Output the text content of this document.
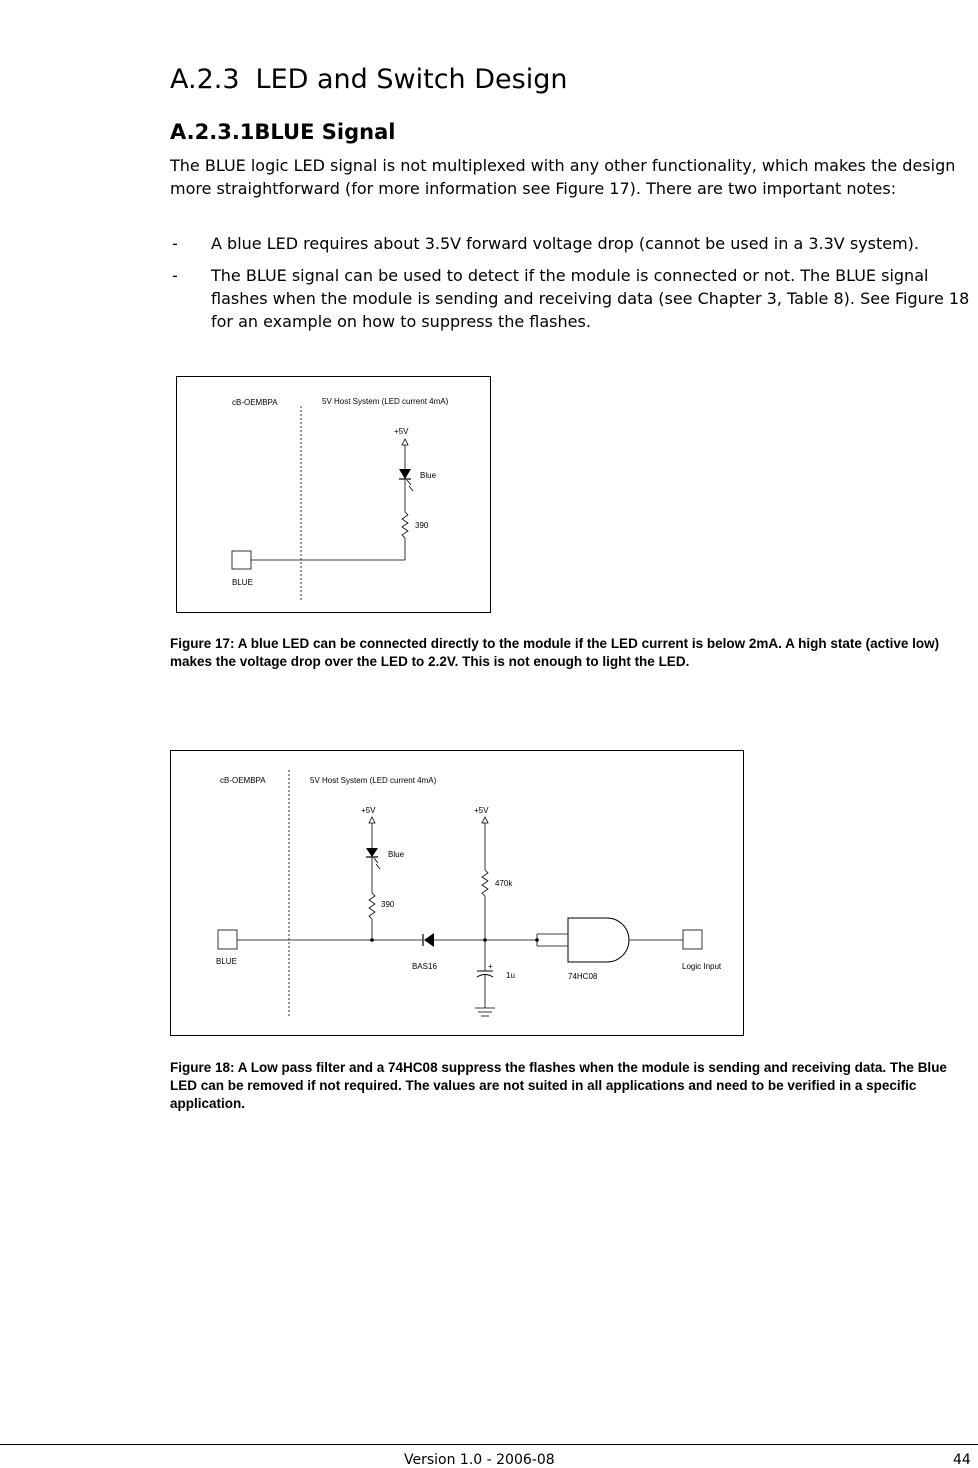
A.2.3 LED and Switch Design
A.2.3.1BLUE Signal

The BLUE logic LED signal is not multiplexed with any other functionality, which makes the design more straightforward (for more information see Figure 17). There are two important notes:

- A blue LED requires about 3.5V forward voltage drop (cannot be used in a 3.3V system).
- The BLUE signal can be used to detect if the module is connected or not. The BLUE signal flashes when the module is sending and receiving data (see Chapter 3, Table 8). See Figure 18 for an example on how to suppress the flashes.
cB-OEMBPA	5V Host System (LED current 4mA)
+5V
Blue
390
BLUE

Figure 17: A blue LED can be connected directly to the module if the LED current is below 2mA. A high state (active low) makes the voltage drop over the LED to 2.2V. This is not enough to light the LED.

cB-OEMBPA	5V Host System (LED current 4mA)
+5V
Blue
390
+5V
470k
BLUE
BAS16	+
1u	74HC08
Logic Input

Figure 18: A Low pass filter and a 74HC08 suppress the flashes when the module is sending and receiving data. The Blue LED can be removed if not required. The values are not suited in all applications and need to be verified in a specific application.

Version 1.0 - 2006-08	44
